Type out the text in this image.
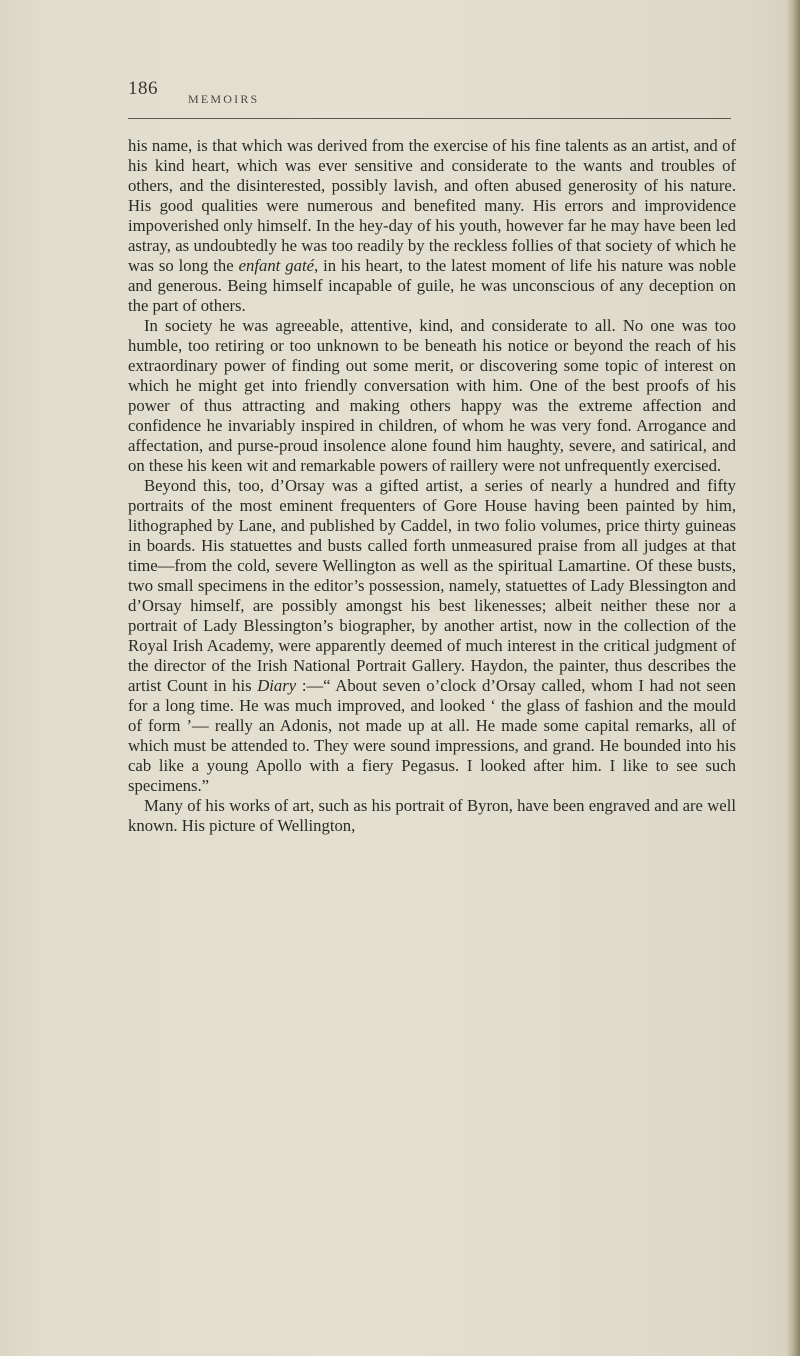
186	MEMOIRS

his name, is that which was derived from the exercise of his fine talents as an artist, and of his kind heart, which was ever sensitive and considerate to the wants and troubles of others, and the disinterested, possibly lavish, and often abused generosity of his nature. His good qualities were numerous and benefited many. His errors and improvidence impoverished only himself. In the hey-day of his youth, however far he may have been led astray, as undoubtedly he was too readily by the reckless follies of that society of which he was so long the enfant gaté, in his heart, to the latest moment of life his nature was noble and generous. Being himself incapable of guile, he was unconscious of any deception on the part of others.

In society he was agreeable, attentive, kind, and considerate to all. No one was too humble, too retiring or too unknown to be beneath his notice or beyond the reach of his extraordinary power of finding out some merit, or discovering some topic of interest on which he might get into friendly conversation with him. One of the best proofs of his power of thus attracting and making others happy was the extreme affection and confidence he invariably inspired in children, of whom he was very fond. Arrogance and affectation, and purse-proud insolence alone found him haughty, severe, and satirical, and on these his keen wit and remarkable powers of raillery were not unfrequently exercised.

Beyond this, too, d’Orsay was a gifted artist, a series of nearly a hundred and fifty portraits of the most eminent frequenters of Gore House having been painted by him, lithographed by Lane, and published by Caddel, in two folio volumes, price thirty guineas in boards. His statuettes and busts called forth unmeasured praise from all judges at that time—from the cold, severe Wellington as well as the spiritual Lamartine. Of these busts, two small specimens in the editor’s possession, namely, statuettes of Lady Blessington and d’Orsay himself, are possibly amongst his best likenesses; albeit neither these nor a portrait of Lady Blessington’s biographer, by another artist, now in the collection of the Royal Irish Academy, were apparently deemed of much interest in the critical judgment of the director of the Irish National Portrait Gallery. Haydon, the painter, thus describes the artist Count in his Diary :—“ About seven o’clock d’Orsay called, whom I had not seen for a long time. He was much improved, and looked ‘ the glass of fashion and the mould of form ’— really an Adonis, not made up at all. He made some capital remarks, all of which must be attended to. They were sound impressions, and grand. He bounded into his cab like a young Apollo with a fiery Pegasus. I looked after him. I like to see such specimens.”

Many of his works of art, such as his portrait of Byron, have been engraved and are well known. His picture of Wellington,
